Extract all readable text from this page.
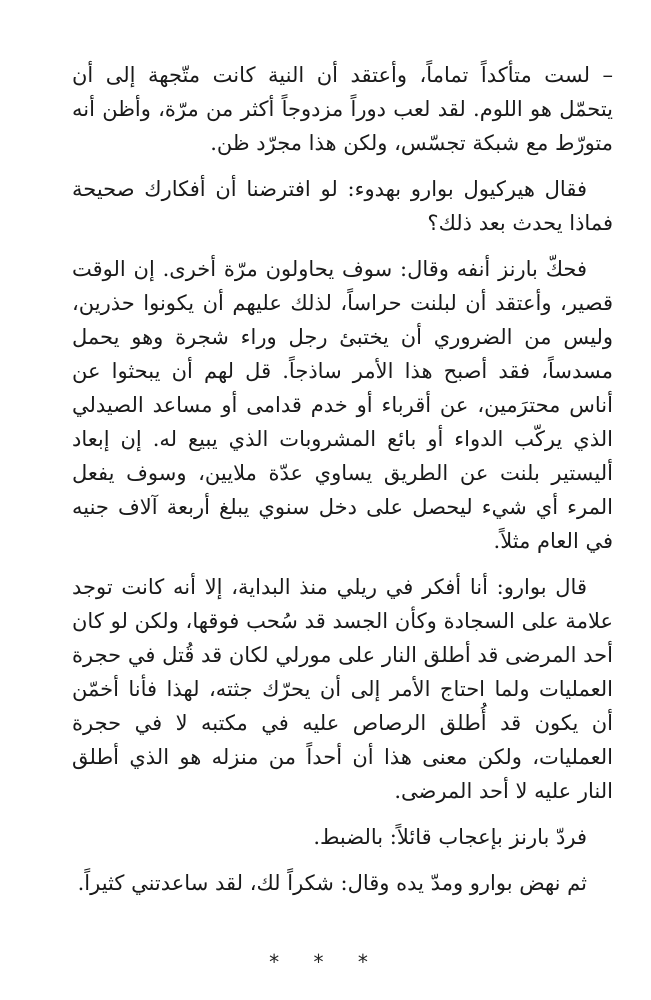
– لست متأكداً تماماً، وأعتقد أن النية كانت متّجهة إلى أن يتحمّل هو اللوم. لقد لعب دوراً مزدوجاً أكثر من مرّة، وأظن أنه متورّط مع شبكة تجسّس، ولكن هذا مجرّد ظن.

فقال هيركيول بوارو بهدوء: لو افترضنا أن أفكارك صحيحة فماذا يحدث بعد ذلك؟

فحكّ بارنز أنفه وقال: سوف يحاولون مرّة أخرى. إن الوقت قصير، وأعتقد أن لبلنت حراساً، لذلك عليهم أن يكونوا حذرين، وليس من الضروري أن يختبئ رجل وراء شجرة وهو يحمل مسدساً، فقد أصبح هذا الأمر ساذجاً. قل لهم أن يبحثوا عن أناس محترَمين، عن أقرباء أو خدم قدامى أو مساعد الصيدلي الذي يركّب الدواء أو بائع المشروبات الذي يبيع له. إن إبعاد أليستير بلنت عن الطريق يساوي عدّة ملايين، وسوف يفعل المرء أي شيء ليحصل على دخل سنوي يبلغ أربعة آلاف جنيه في العام مثلاً.

قال بوارو: أنا أفكر في ريلي منذ البداية، إلا أنه كانت توجد علامة على السجادة وكأن الجسد قد سُحب فوقها، ولكن لو كان أحد المرضى قد أطلق النار على مورلي لكان قد قُتل في حجرة العمليات ولما احتاج الأمر إلى أن يحرّك جثته، لهذا فأنا أخمّن أن يكون قد أُطلق الرصاص عليه في مكتبه لا في حجرة العمليات، ولكن معنى هذا أن أحداً من منزله هو الذي أطلق النار عليه لا أحد المرضى.

فردّ بارنز بإعجاب قائلاً: بالضبط.

ثم نهض بوارو ومدّ يده وقال: شكراً لك، لقد ساعدتني كثيراً.

* * *
